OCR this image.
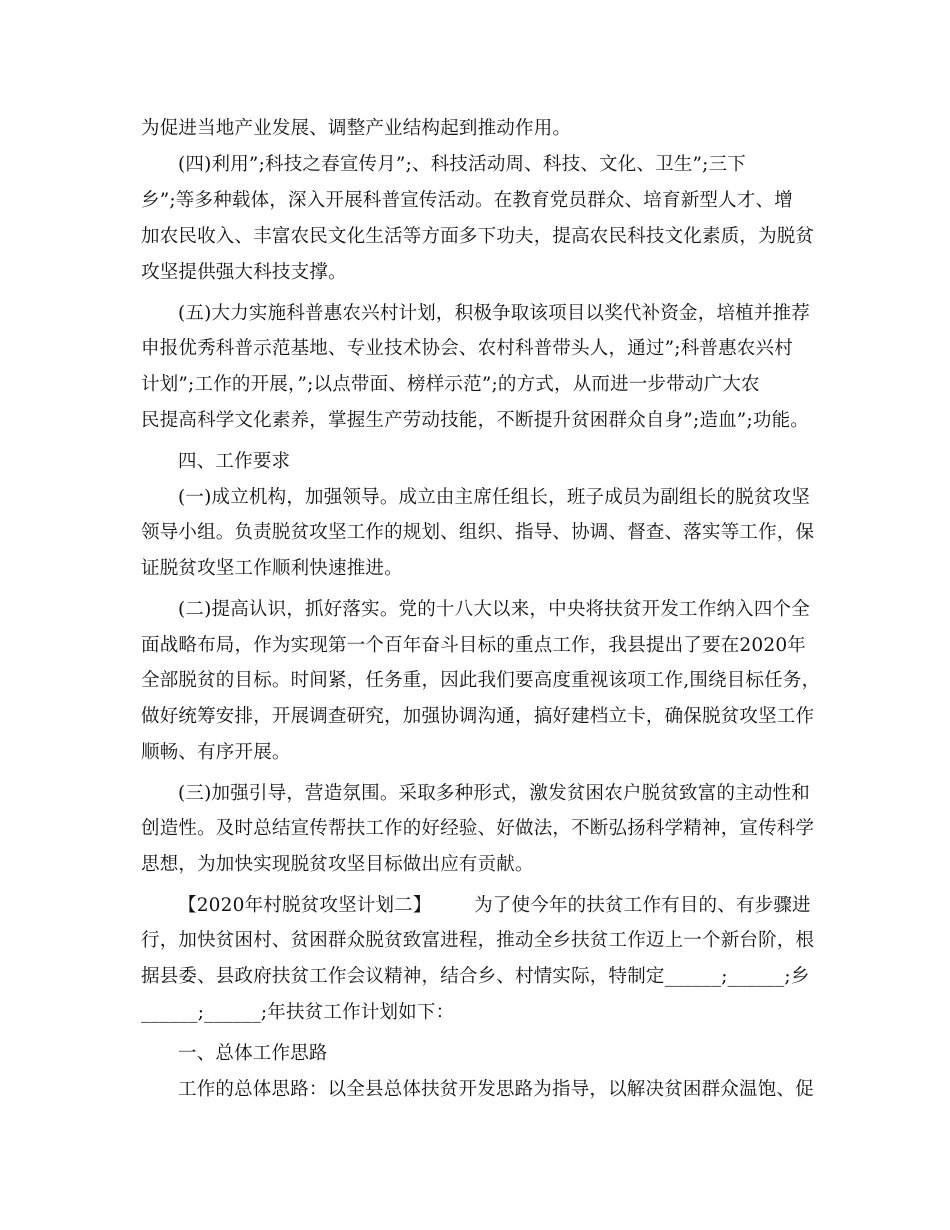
为促进当地产业发展、调整产业结构起到推动作用。
(四)利用”;科技之春宣传月”;、科技活动周、科技、文化、卫生”;三下
乡”;等多种载体，深入开展科普宣传活动。在教育党员群众、培育新型人才、增
加农民收入、丰富农民文化生活等方面多下功夫，提高农民科技文化素质，为脱贫
攻坚提供强大科技支撑。
(五)大力实施科普惠农兴村计划，积极争取该项目以奖代补资金，培植并推荐
申报优秀科普示范基地、专业技术协会、农村科普带头人，通过”;科普惠农兴村
计划”;工作的开展，”;以点带面、榜样示范”;的方式，从而进一步带动广大农
民提高科学文化素养，掌握生产劳动技能，不断提升贫困群众自身”;造血”;功能。
四、工作要求
(一)成立机构，加强领导。成立由主席任组长，班子成员为副组长的脱贫攻坚
领导小组。负责脱贫攻坚工作的规划、组织、指导、协调、督查、落实等工作，保
证脱贫攻坚工作顺利快速推进。
(二)提高认识，抓好落实。党的十八大以来，中央将扶贫开发工作纳入四个全
面战略布局，作为实现第一个百年奋斗目标的重点工作，我县提出了要在2020年
全部脱贫的目标。时间紧，任务重，因此我们要高度重视该项工作,围绕目标任务，
做好统筹安排，开展调查研究，加强协调沟通，搞好建档立卡，确保脱贫攻坚工作
顺畅、有序开展。
(三)加强引导，营造氛围。采取多种形式，激发贫困农户脱贫致富的主动性和
创造性。及时总结宣传帮扶工作的好经验、好做法，不断弘扬科学精神，宣传科学
思想，为加快实现脱贫攻坚目标做出应有贡献。
【2020年村脱贫攻坚计划二】       为了使今年的扶贫工作有目的、有步骤进
行，加快贫困村、贫困群众脱贫致富进程，推动全乡扶贫工作迈上一个新台阶，根
据县委、县政府扶贫工作会议精神，结合乡、村情实际，特制定______;______;乡
______;______;年扶贫工作计划如下：
一、总体工作思路
工作的总体思路：以全县总体扶贫开发思路为指导，以解决贫困群众温饱、促
